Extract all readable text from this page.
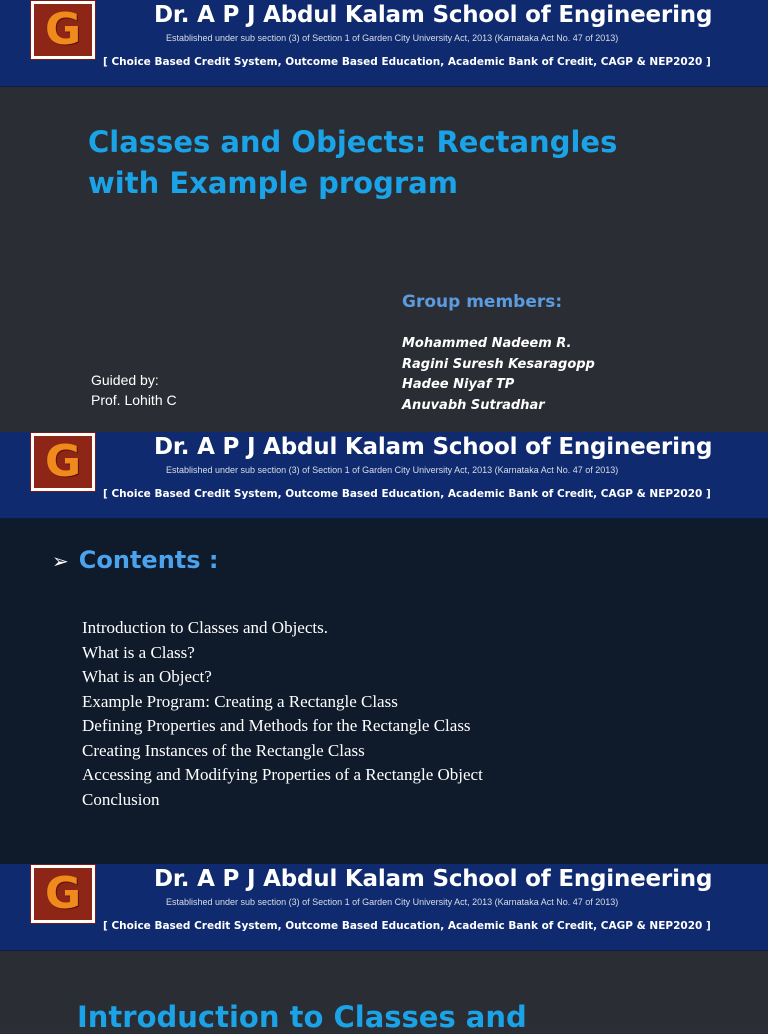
G	Dr. A P J Abdul Kalam School of Engineering
Established under sub section (3) of Section 1 of Garden City University Act, 2013 (Karnataka Act No. 47 of 2013)
[ Choice Based Credit System, Outcome Based Education, Academic Bank of Credit, CAGP & NEP2020 ]
Classes and Objects: Rectangles
with Example program
Group members:
Mohammed Nadeem R.
Ragini Suresh Kesaragopp
Hadee Niyaf TP
Anuvabh Sutradhar
Guided by:
Prof. Lohith C
G	Dr. A P J Abdul Kalam School of Engineering
Established under sub section (3) of Section 1 of Garden City University Act, 2013 (Karnataka Act No. 47 of 2013)
[ Choice Based Credit System, Outcome Based Education, Academic Bank of Credit, CAGP & NEP2020 ]
➢ Contents :
Introduction to Classes and Objects.
What is a Class?
What is an Object?
Example Program: Creating a Rectangle Class
Defining Properties and Methods for the Rectangle Class
Creating Instances of the Rectangle Class
Accessing and Modifying Properties of a Rectangle Object
Conclusion
G	Dr. A P J Abdul Kalam School of Engineering
Established under sub section (3) of Section 1 of Garden City University Act, 2013 (Karnataka Act No. 47 of 2013)
[ Choice Based Credit System, Outcome Based Education, Academic Bank of Credit, CAGP & NEP2020 ]
Introduction to Classes and
